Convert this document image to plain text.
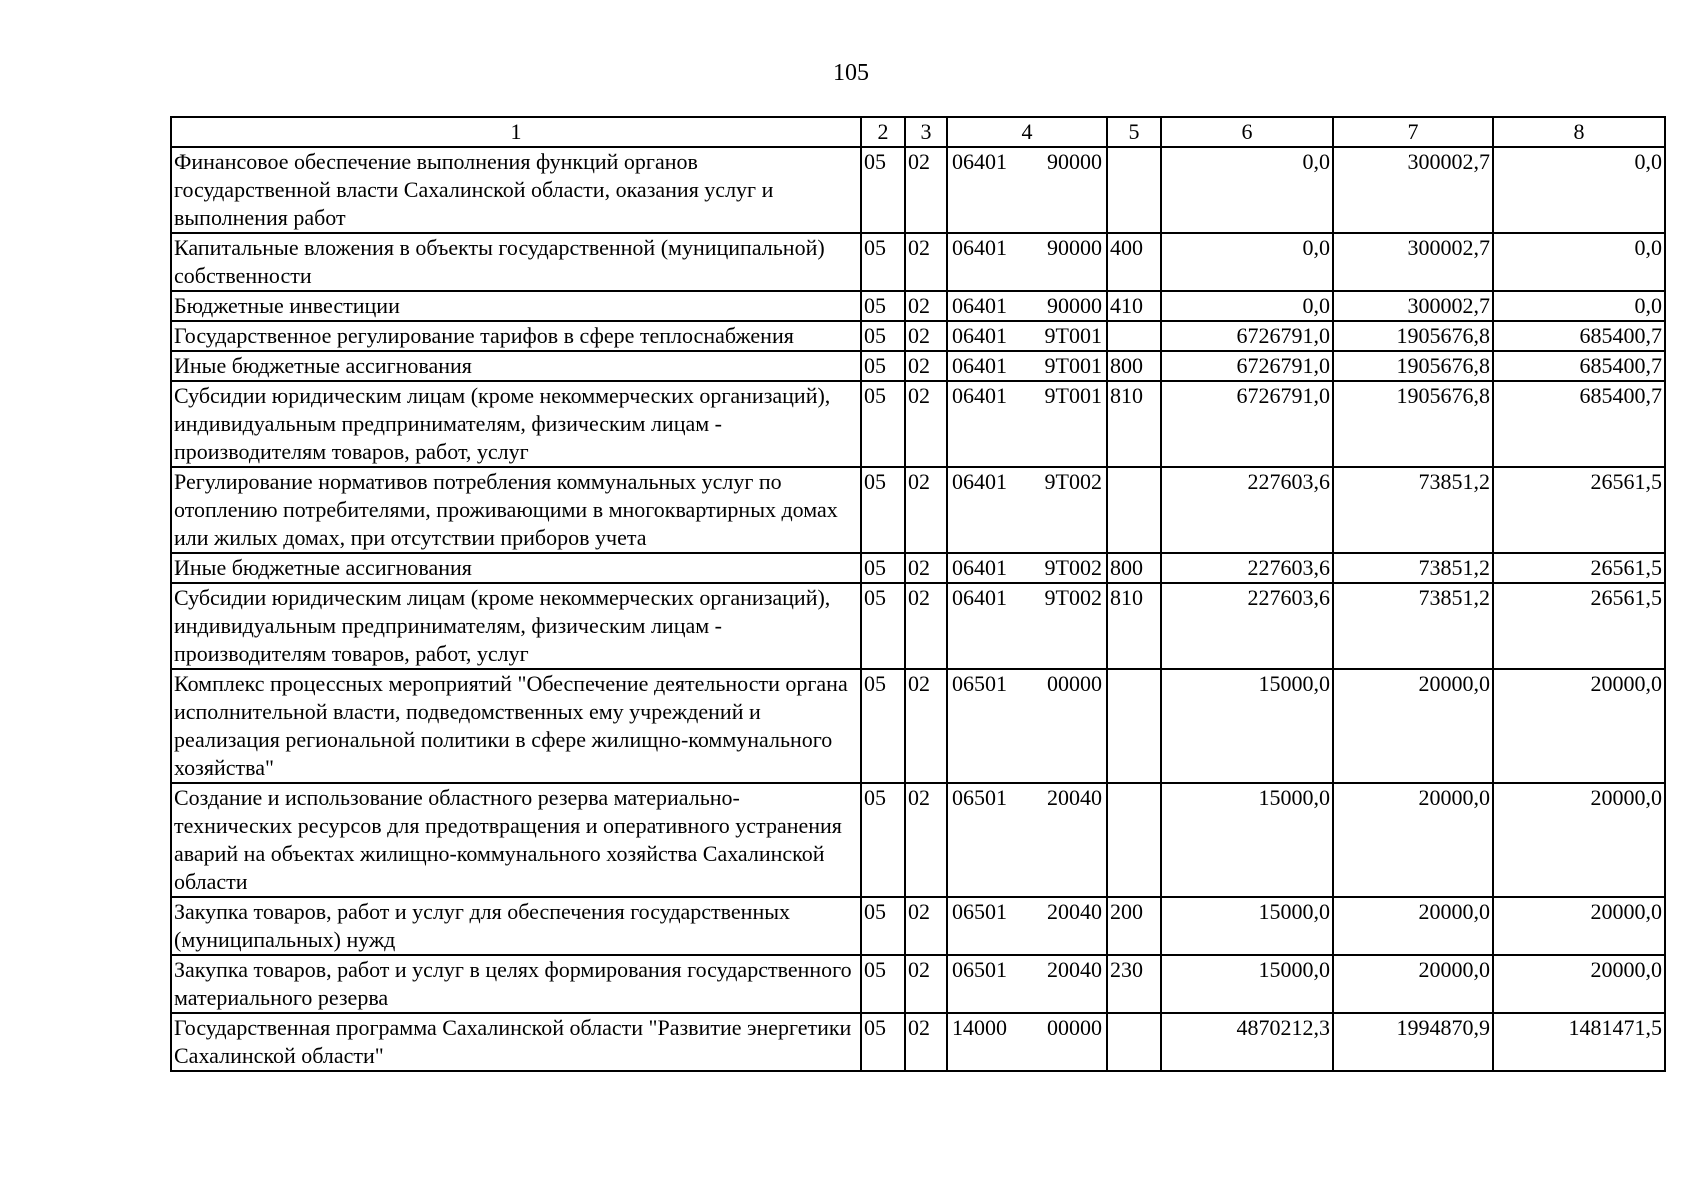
105
1	2	3	4	5	6	7	8
Финансовое обеспечение выполнения функций органов государственной власти Сахалинской области, оказания услуг и выполнения работ	05	02	06401 90000		0,0	300002,7	0,0
Капитальные вложения в объекты государственной (муниципальной) собственности	05	02	06401 90000	400	0,0	300002,7	0,0
Бюджетные инвестиции	05	02	06401 90000	410	0,0	300002,7	0,0
Государственное регулирование тарифов в сфере теплоснабжения	05	02	06401 9Т001		6726791,0	1905676,8	685400,7
Иные бюджетные ассигнования	05	02	06401 9Т001	800	6726791,0	1905676,8	685400,7
Субсидии юридическим лицам (кроме некоммерческих организаций), индивидуальным предпринимателям, физическим лицам - производителям товаров, работ, услуг	05	02	06401 9Т001	810	6726791,0	1905676,8	685400,7
Регулирование нормативов потребления коммунальных услуг по отоплению потребителями, проживающими в многоквартирных домах или жилых домах, при отсутствии приборов учета	05	02	06401 9Т002		227603,6	73851,2	26561,5
Иные бюджетные ассигнования	05	02	06401 9Т002	800	227603,6	73851,2	26561,5
Субсидии юридическим лицам (кроме некоммерческих организаций), индивидуальным предпринимателям, физическим лицам - производителям товаров, работ, услуг	05	02	06401 9Т002	810	227603,6	73851,2	26561,5
Комплекс процессных мероприятий "Обеспечение деятельности органа исполнительной власти, подведомственных ему учреждений и реализация региональной политики в сфере жилищно-коммунального хозяйства"	05	02	06501 00000		15000,0	20000,0	20000,0
Создание и использование областного резерва материально-технических ресурсов для предотвращения и оперативного устранения аварий на объектах жилищно-коммунального хозяйства Сахалинской области	05	02	06501 20040		15000,0	20000,0	20000,0
Закупка товаров, работ и услуг для обеспечения государственных (муниципальных) нужд	05	02	06501 20040	200	15000,0	20000,0	20000,0
Закупка товаров, работ и услуг в целях формирования государственного материального резерва	05	02	06501 20040	230	15000,0	20000,0	20000,0
Государственная программа Сахалинской области "Развитие энергетики Сахалинской области"	05	02	14000 00000		4870212,3	1994870,9	1481471,5
